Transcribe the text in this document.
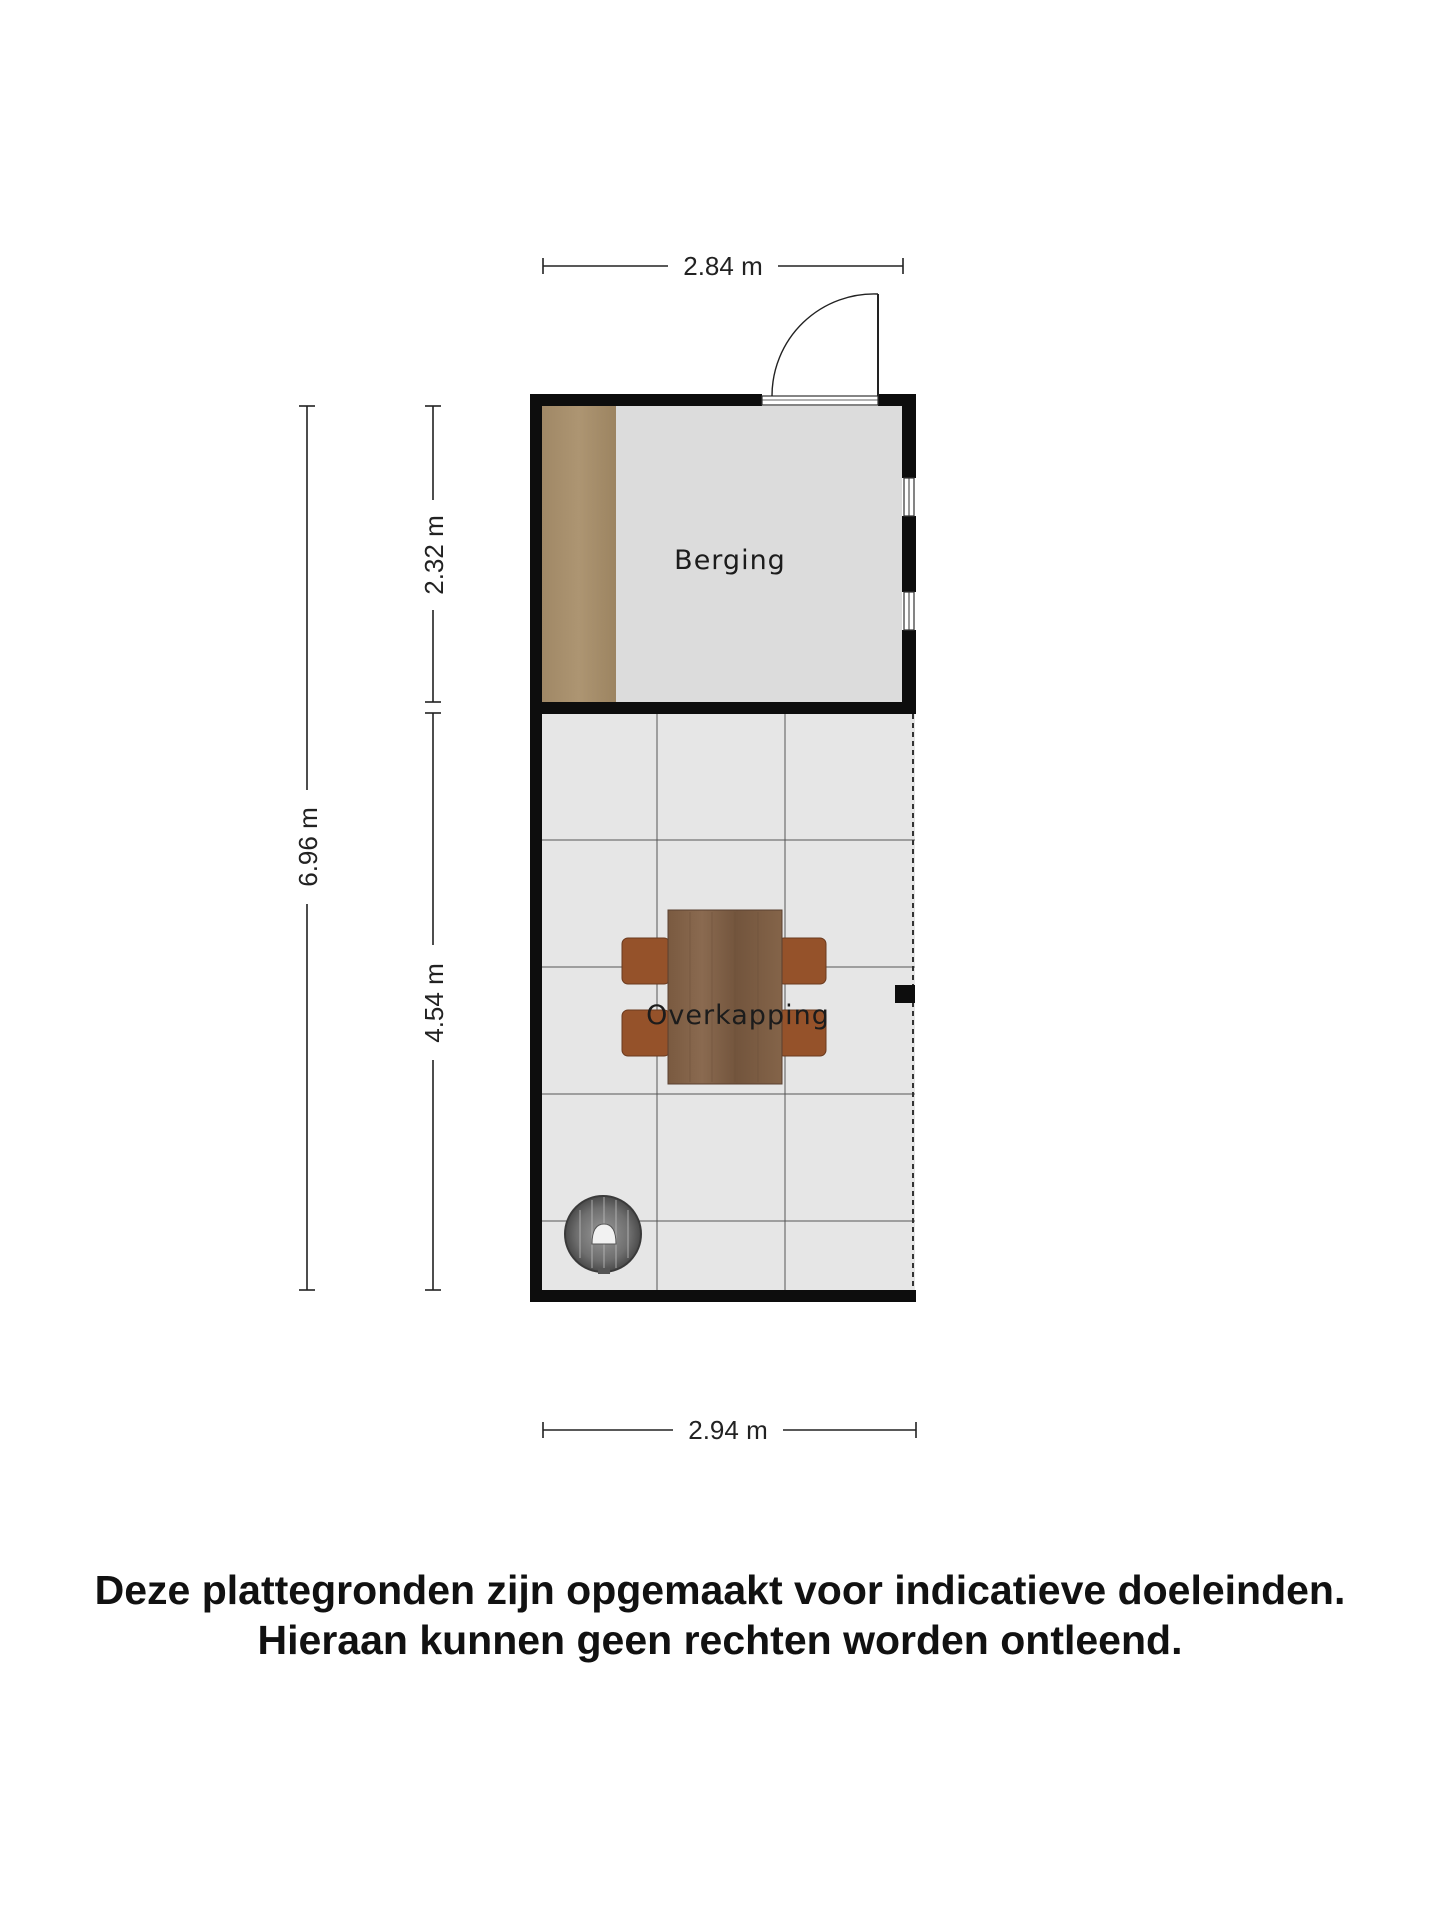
2.84 m
2.94 m
6.96 m
2.32 m
4.54 m
Berging
Overkapping
Deze plattegronden zijn opgemaakt voor indicatieve doeleinden.
Hieraan kunnen geen rechten worden ontleend.
